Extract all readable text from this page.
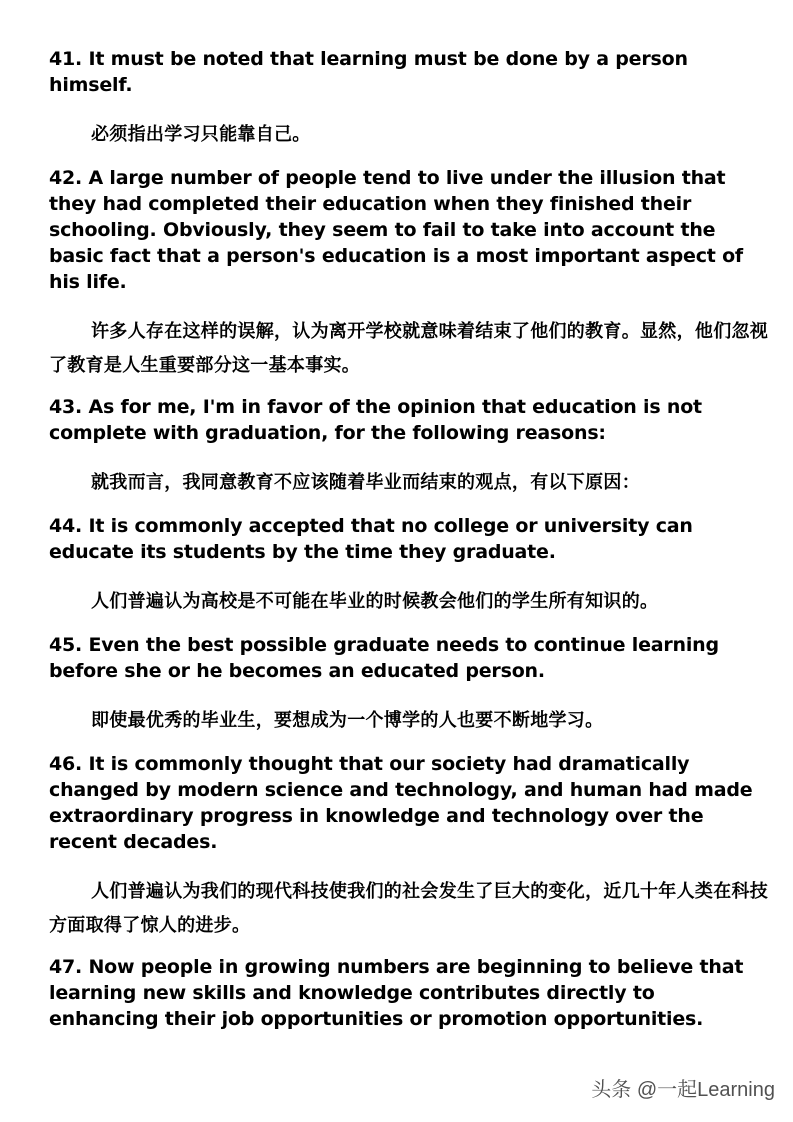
41. It must be noted that learning must be done by a person himself.

必须指出学习只能靠自己。

42. A large number of people tend to live under the illusion that they had completed their education when they finished their schooling. Obviously, they seem to fail to take into account the basic fact that a person's education is a most important aspect of his life.

许多人存在这样的误解，认为离开学校就意味着结束了他们的教育。显然，他们忽视了教育是人生重要部分这一基本事实。

43. As for me, I'm in favor of the opinion that education is not complete with graduation, for the following reasons:

就我而言，我同意教育不应该随着毕业而结束的观点，有以下原因：

44. It is commonly accepted that no college or university can educate its students by the time they graduate.

人们普遍认为高校是不可能在毕业的时候教会他们的学生所有知识的。

45. Even the best possible graduate needs to continue learning before she or he becomes an educated person.

即使最优秀的毕业生，要想成为一个博学的人也要不断地学习。

46. It is commonly thought that our society had dramatically changed by modern science and technology, and human had made extraordinary progress in knowledge and technology over the recent decades.

人们普遍认为我们的现代科技使我们的社会发生了巨大的变化，近几十年人类在科技方面取得了惊人的进步。

47. Now people in growing numbers are beginning to believe that learning new skills and knowledge contributes directly to enhancing their job opportunities or promotion opportunities.

头条 @一起Learning
